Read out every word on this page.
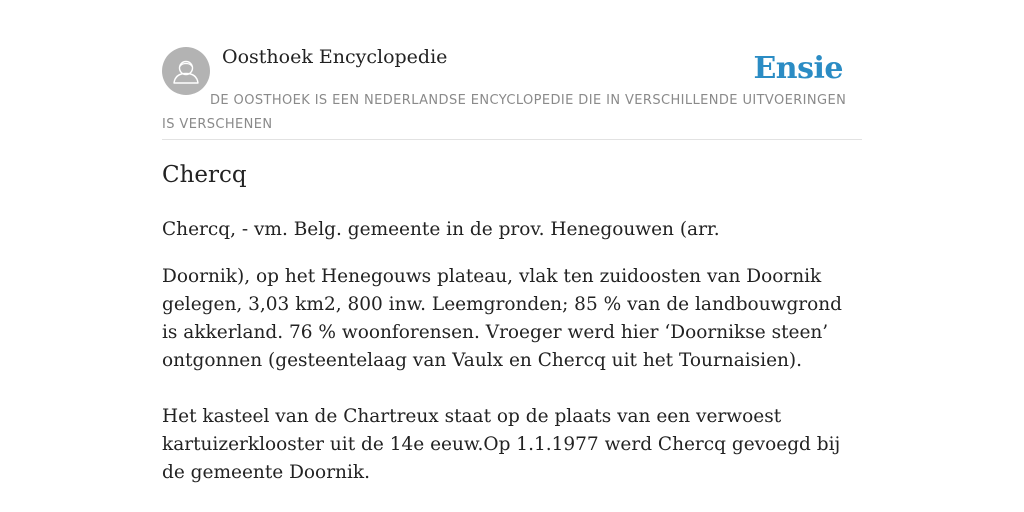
Oosthoek Encyclopedie	Ensie
DE OOSTHOEK IS EEN NEDERLANDSE ENCYCLOPEDIE DIE IN VERSCHILLENDE UITVOERINGEN IS VERSCHENEN
Chercq

Chercq, - vm. Belg. gemeente in de prov. Henegouwen (arr.

Doornik), op het Henegouws plateau, vlak ten zuidoosten van Doornik gelegen, 3,03 km2, 800 inw. Leemgronden; 85 % van de landbouwgrond is akkerland. 76 % woonforensen. Vroeger werd hier ‘Doornikse steen’ ontgonnen (gesteentelaag van Vaulx en Chercq uit het Tournaisien).

Het kasteel van de Chartreux staat op de plaats van een verwoest kartuizerklooster uit de 14e eeuw.Op 1.1.1977 werd Chercq gevoegd bij de gemeente Doornik.
